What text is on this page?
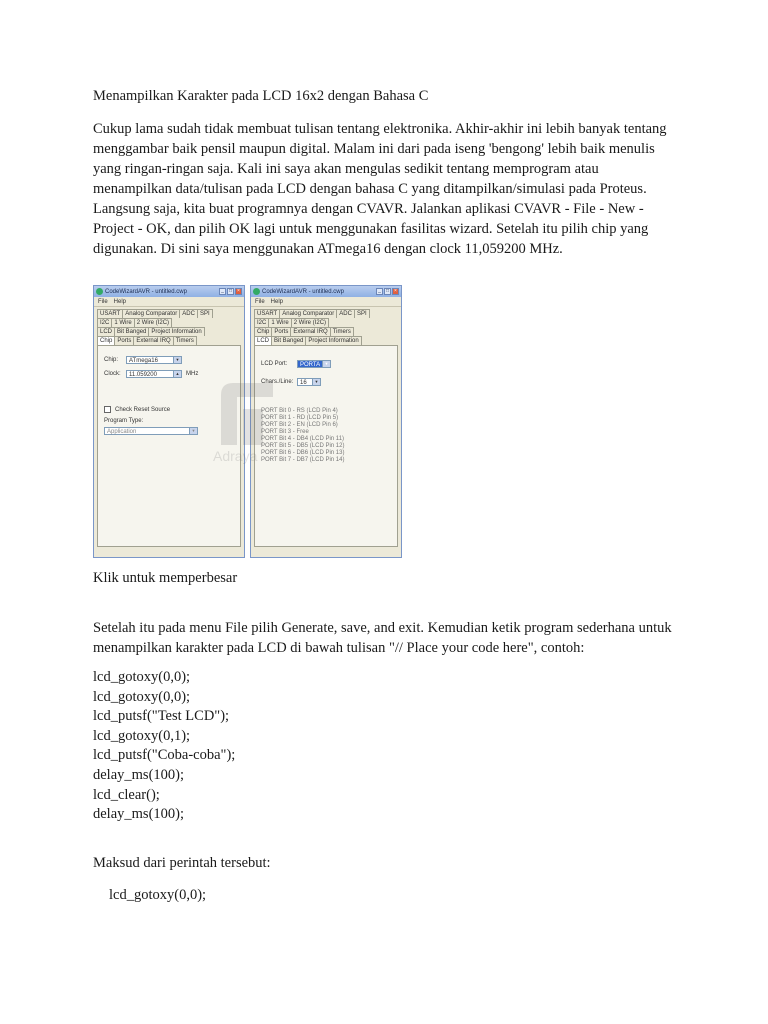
Menampilkan Karakter pada LCD 16x2 dengan Bahasa C

Cukup lama sudah tidak membuat tulisan tentang elektronika. Akhir-akhir ini lebih banyak tentang menggambar baik pensil maupun digital. Malam ini dari pada iseng 'bengong' lebih baik menulis yang ringan-ringan saja. Kali ini saya akan mengulas sedikit tentang memprogram atau menampilkan data/tulisan pada LCD dengan bahasa C yang ditampilkan/simulasi pada Proteus.

Langsung saja, kita buat programnya dengan CVAVR. Jalankan aplikasi CVAVR - File - New - Project - OK, dan pilih OK lagi untuk menggunakan fasilitas wizard. Setelah itu pilih chip yang digunakan. Di sini saya menggunakan ATmega16 dengan clock 11,059200 MHz.

CodeWizardAVR - untitled.cwp	_	□	×
File Help
USART Analog Comparator ADC SPI
I2C 1 Wire 2 Wire (I2C)
LCD Bit Banged Project Information
Chip Ports External IRQ Timers
Chip:	ATmega16	▼
Clock:	11.059200	▲ MHz
Check Reset Source
Program Type:
Application	▼
CodeWizardAVR - untitled.cwp	_	□	×
File Help
USART Analog Comparator ADC SPI
I2C 1 Wire 2 Wire (I2C)
Chip Ports External IRQ Timers
LCD Bit Banged Project Information
LCD Port:	PORTA	▼
Chars./Line:	16	▼
PORT Bit 0 - RS (LCD Pin 4)
PORT Bit 1 - RD (LCD Pin 5)
PORT Bit 2 - EN (LCD Pin 6)
PORT Bit 3 - Free
PORT Bit 4 - DB4 (LCD Pin 11)
PORT Bit 5 - DB5 (LCD Pin 12)
PORT Bit 6 - DB6 (LCD Pin 13)
PORT Bit 7 - DB7 (LCD Pin 14)
Adraya
Klik untuk memperbesar
Setelah itu pada menu File pilih Generate, save, and exit. Kemudian ketik program sederhana untuk menampilkan karakter pada LCD di bawah tulisan "// Place your code here", contoh:
lcd_gotoxy(0,0);
lcd_gotoxy(0,0);
lcd_putsf("Test LCD");
lcd_gotoxy(0,1);
lcd_putsf("Coba-coba");
delay_ms(100);
lcd_clear();
delay_ms(100);
Maksud dari perintah tersebut:
lcd_gotoxy(0,0);
